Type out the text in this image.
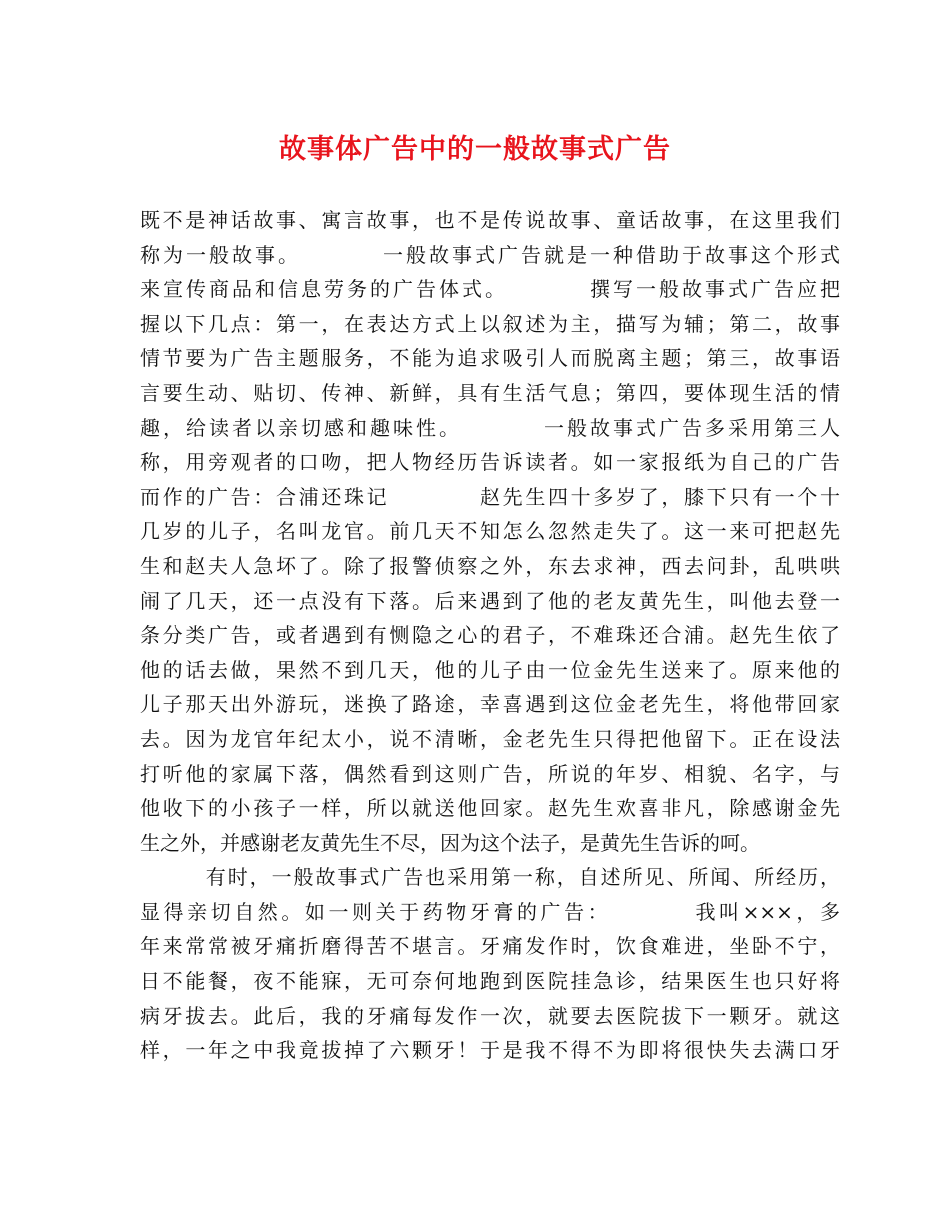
故事体广告中的一般故事式广告
既不是神话故事、寓言故事，也不是传说故事、童话故事，在这里我们
称为一般故事。　　　　一般故事式广告就是一种借助于故事这个形式
来宣传商品和信息劳务的广告体式。　　　　撰写一般故事式广告应把
握以下几点：第一，在表达方式上以叙述为主，描写为辅；第二，故事
情节要为广告主题服务，不能为追求吸引人而脱离主题；第三，故事语
言要生动、贴切、传神、新鲜，具有生活气息；第四，要体现生活的情
趣，给读者以亲切感和趣味性。　　　　一般故事式广告多采用第三人
称，用旁观者的口吻，把人物经历告诉读者。如一家报纸为自己的广告
而作的广告：合浦还珠记　　　　赵先生四十多岁了，膝下只有一个十
几岁的儿子，名叫龙官。前几天不知怎么忽然走失了。这一来可把赵先
生和赵夫人急坏了。除了报警侦察之外，东去求神，西去问卦，乱哄哄
闹了几天，还一点没有下落。后来遇到了他的老友黄先生，叫他去登一
条分类广告，或者遇到有恻隐之心的君子，不难珠还合浦。赵先生依了
他的话去做，果然不到几天，他的儿子由一位金先生送来了。原来他的
儿子那天出外游玩，迷换了路途，幸喜遇到这位金老先生，将他带回家
去。因为龙官年纪太小，说不清晰，金老先生只得把他留下。正在设法
打听他的家属下落，偶然看到这则广告，所说的年岁、相貌、名字，与
他收下的小孩子一样，所以就送他回家。赵先生欢喜非凡，除感谢金先
生之外，并感谢老友黄先生不尽，因为这个法子，是黄先生告诉的呵。
　　　有时，一般故事式广告也采用第一称，自述所见、所闻、所经历，
显得亲切自然。如一则关于药物牙膏的广告：　　　　我叫×××，多
年来常常被牙痛折磨得苦不堪言。牙痛发作时，饮食难进，坐卧不宁，
日不能餐，夜不能寐，无可奈何地跑到医院挂急诊，结果医生也只好将
病牙拔去。此后，我的牙痛每发作一次，就要去医院拔下一颗牙。就这
样，一年之中我竟拔掉了六颗牙！于是我不得不为即将很快失去满口牙
